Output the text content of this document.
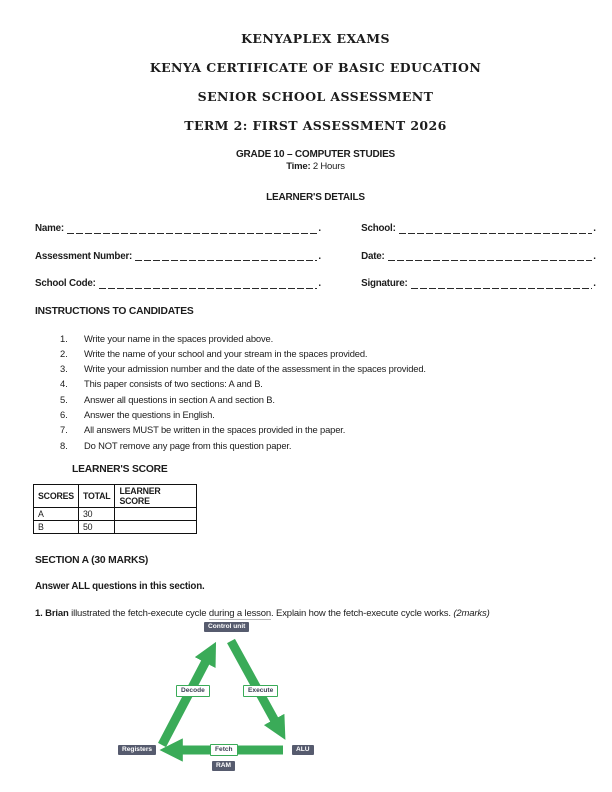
KENYAPLEX EXAMS
KENYA CERTIFICATE OF BASIC EDUCATION
SENIOR SCHOOL ASSESSMENT
TERM 2: FIRST ASSESSMENT 2026
GRADE 10 – COMPUTER STUDIES
Time: 2 Hours
LEARNER'S DETAILS
Name:	.	School:	.
Assessment Number:	.	Date:	.
School Code:	.	Signature:	.
INSTRUCTIONS TO CANDIDATES
1.	Write your name in the spaces provided above.
2.	Write the name of your school and your stream in the spaces provided.
3.	Write your admission number and the date of the assessment in the spaces provided.
4.	This paper consists of two sections: A and B.
5.	Answer all questions in section A and section B.
6.	Answer the questions in English.
7.	All answers MUST be written in the spaces provided in the paper.
8.	Do NOT remove any page from this question paper.
LEARNER'S SCORE
SCORES	TOTAL	LEARNER SCORE
A	30	
B	50	
SECTION A (30 MARKS)
Answer ALL questions in this section.

1. Brian illustrated the fetch-execute cycle during a lesson. Explain how the fetch-execute cycle works. (2marks)

Control unit
Decode	Execute
Registers	Fetch	ALU
RAM
